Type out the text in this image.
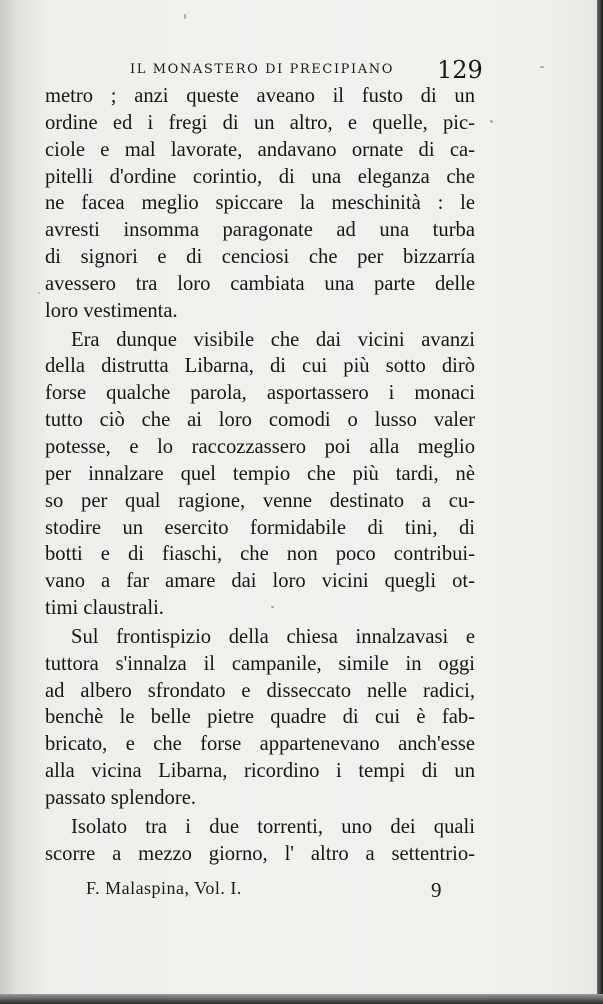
IL MONASTERO DI PRECIPIANO 129
metro ; anzi queste aveano il fusto di un
ordine ed i fregi di un altro, e quelle, pic-
ciole e mal lavorate, andavano ornate di ca-
pitelli d'ordine corintio, di una eleganza che
ne facea meglio spiccare la meschinità : le
avresti insomma paragonate ad una turba
di signori e di cenciosi che per bizzarría
avessero tra loro cambiata una parte delle
loro vestimenta.
Era dunque visibile che dai vicini avanzi
della distrutta Libarna, di cui più sotto dirò
forse qualche parola, asportassero i monaci
tutto ciò che ai loro comodi o lusso valer
potesse, e lo raccozzassero poi alla meglio
per innalzare quel tempio che più tardi, nè
so per qual ragione, venne destinato a cu-
stodire un esercito formidabile di tini, di
botti e di fiaschi, che non poco contribui-
vano a far amare dai loro vicini quegli ot-
timi claustrali.
Sul frontispizio della chiesa innalzavasi e
tuttora s'innalza il campanile, simile in oggi
ad albero sfrondato e disseccato nelle radici,
benchè le belle pietre quadre di cui è fab-
bricato, e che forse appartenevano anch'esse
alla vicina Libarna, ricordino i tempi di un
passato splendore.
Isolato tra i due torrenti, uno dei quali
scorre a mezzo giorno, l' altro a settentrio-
F. Malaspina, Vol. I.	9
